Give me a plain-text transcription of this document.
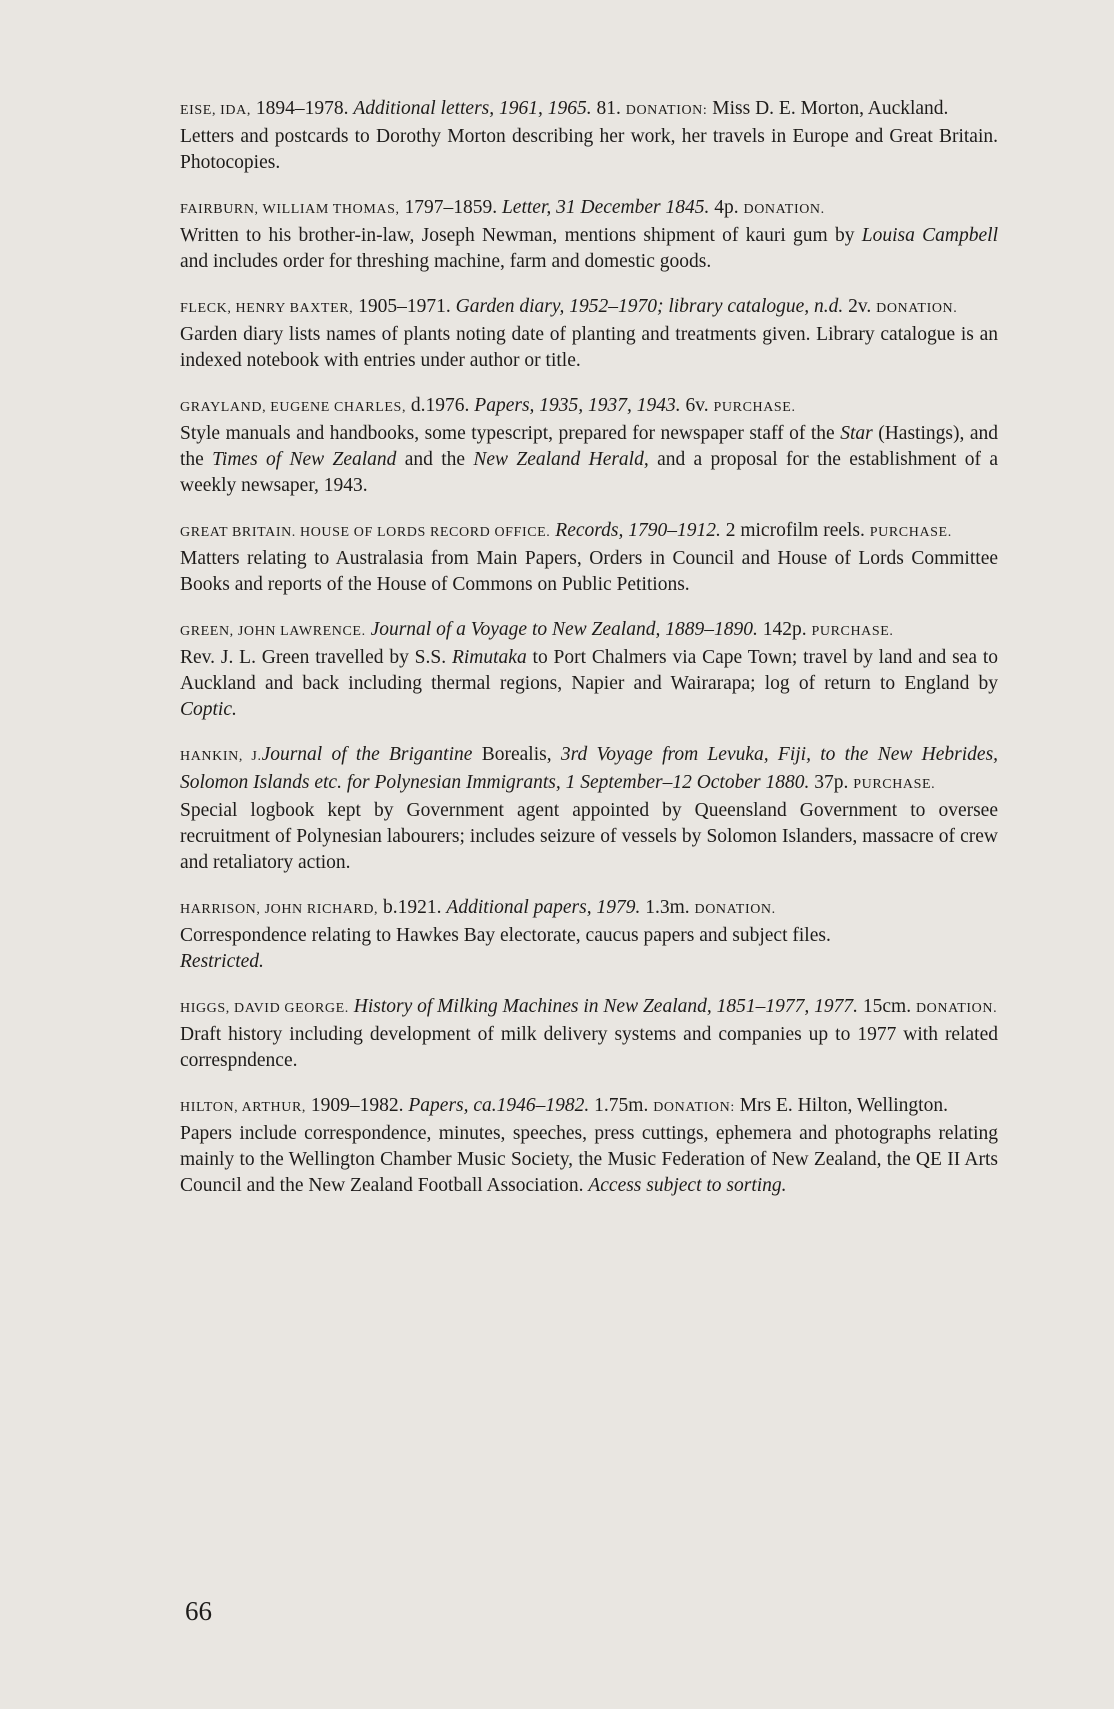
EISE, IDA, 1894–1978. Additional letters, 1961, 1965. 81. DONATION: Miss D. E. Morton, Auckland.
Letters and postcards to Dorothy Morton describing her work, her travels in Europe and Great Britain. Photocopies.
FAIRBURN, WILLIAM THOMAS, 1797–1859. Letter, 31 December 1845. 4p. DONATION.
Written to his brother-in-law, Joseph Newman, mentions shipment of kauri gum by Louisa Campbell and includes order for threshing machine, farm and domestic goods.
FLECK, HENRY BAXTER, 1905–1971. Garden diary, 1952–1970; library catalogue, n.d. 2v. DONATION.
Garden diary lists names of plants noting date of planting and treatments given. Library catalogue is an indexed notebook with entries under author or title.
GRAYLAND, EUGENE CHARLES, d.1976. Papers, 1935, 1937, 1943. 6v. PURCHASE.
Style manuals and handbooks, some typescript, prepared for newspaper staff of the Star (Hastings), and the Times of New Zealand and the New Zealand Herald, and a proposal for the establishment of a weekly newsaper, 1943.
GREAT BRITAIN. HOUSE OF LORDS RECORD OFFICE. Records, 1790–1912. 2 microfilm reels. PURCHASE.
Matters relating to Australasia from Main Papers, Orders in Council and House of Lords Committee Books and reports of the House of Commons on Public Petitions.
GREEN, JOHN LAWRENCE. Journal of a Voyage to New Zealand, 1889–1890. 142p. PURCHASE.
Rev. J. L. Green travelled by S.S. Rimutaka to Port Chalmers via Cape Town; travel by land and sea to Auckland and back including thermal regions, Napier and Wairarapa; log of return to England by Coptic.
HANKIN, J.Journal of the Brigantine Borealis, 3rd Voyage from Levuka, Fiji, to the New Hebrides, Solomon Islands etc. for Polynesian Immigrants, 1 September–12 October 1880. 37p. PURCHASE.
Special logbook kept by Government agent appointed by Queensland Government to oversee recruitment of Polynesian labourers; includes seizure of vessels by Solomon Islanders, massacre of crew and retaliatory action.
HARRISON, JOHN RICHARD, b.1921. Additional papers, 1979. 1.3m. DONATION.
Correspondence relating to Hawkes Bay electorate, caucus papers and subject files.
Restricted.
HIGGS, DAVID GEORGE. History of Milking Machines in New Zealand, 1851–1977, 1977. 15cm. DONATION.
Draft history including development of milk delivery systems and companies up to 1977 with related correspndence.
HILTON, ARTHUR, 1909–1982. Papers, ca.1946–1982. 1.75m. DONATION: Mrs E. Hilton, Wellington.
Papers include correspondence, minutes, speeches, press cuttings, ephemera and photographs relating mainly to the Wellington Chamber Music Society, the Music Federation of New Zealand, the QE II Arts Council and the New Zealand Football Association. Access subject to sorting.
66
